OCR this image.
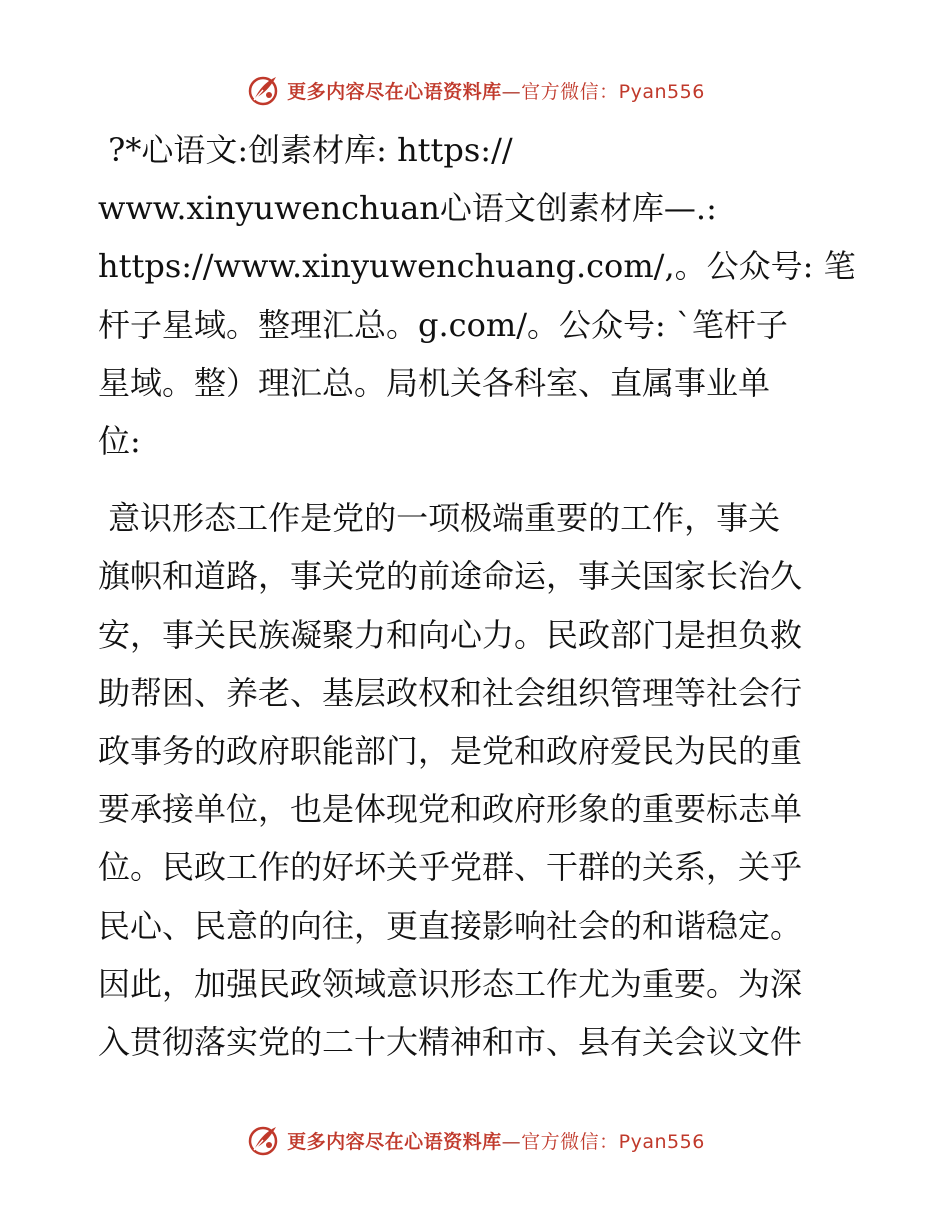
更多内容尽在心语资料库—官方微信：Pyan556

?*心语文:创素材库: https://
www.xinyuwenchuan心语文创素材库—.:
https://www.xinyuwenchuang.com/,。公众号: 笔
杆子星域。整理汇总。g.com/。公众号: `笔杆子
星域。整）理汇总。局机关各科室、直属事业单
位:

意识形态工作是党的一项极端重要的工作，事关
旗帜和道路，事关党的前途命运，事关国家长治久
安，事关民族凝聚力和向心力。民政部门是担负救
助帮困、养老、基层政权和社会组织管理等社会行
政事务的政府职能部门，是党和政府爱民为民的重
要承接单位，也是体现党和政府形象的重要标志单
位。民政工作的好坏关乎党群、干群的关系，关乎
民心、民意的向往，更直接影响社会的和谐稳定。
因此，加强民政领域意识形态工作尤为重要。为深
入贯彻落实党的二十大精神和市、县有关会议文件

更多内容尽在心语资料库—官方微信：Pyan556
